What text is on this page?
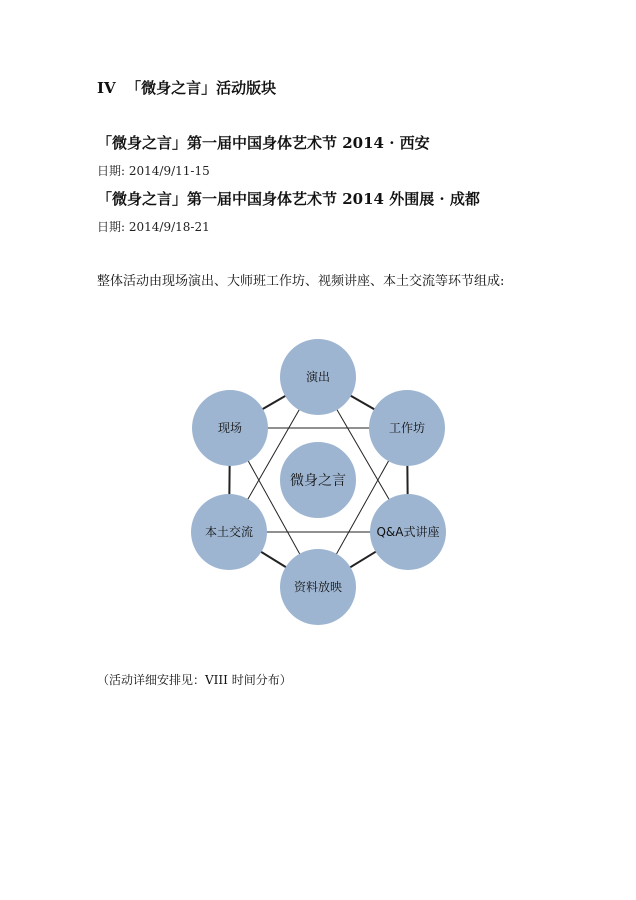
IV 「微身之言」活动版块
「微身之言」第一届中国身体艺术节 2014 · 西安
日期: 2014/9/11-15
「微身之言」第一届中国身体艺术节 2014 外围展 · 成都
日期: 2014/9/18-21
整体活动由现场演出、大师班工作坊、视频讲座、本土交流等环节组成:
演出
工作坊
Q&A式讲座
资料放映
本土交流
现场
微身之言
（活动详细安排见：VIII 时间分布）
